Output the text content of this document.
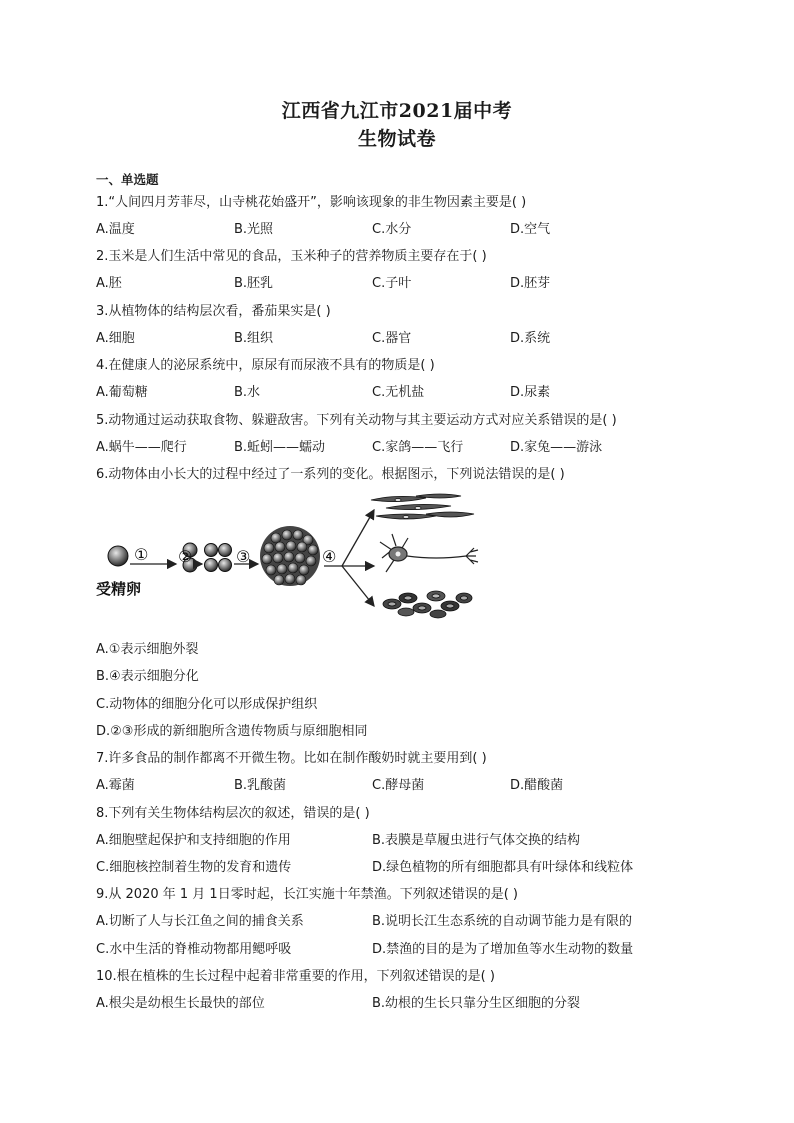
江西省九江市2021届中考
生物试卷
一、单选题
1.“人间四月芳菲尽，山寺桃花始盛开”，影响该现象的非生物因素主要是( )
A.温度	B.光照	C.水分	D.空气
2.玉米是人们生活中常见的食品，玉米种子的营养物质主要存在于( )
A.胚	B.胚乳	C.子叶	D.胚芽
3.从植物体的结构层次看，番茄果实是( )
A.细胞	B.组织	C.器官	D.系统
4.在健康人的泌尿系统中，原尿有而尿液不具有的物质是( )
A.葡萄糖	B.水	C.无机盐	D.尿素
5.动物通过运动获取食物、躲避敌害。下列有关动物与其主要运动方式对应关系错误的是( )
A.蜗牛——爬行	B.蚯蚓——蠕动	C.家鸽——飞行	D.家兔——游泳
6.动物体由小长大的过程中经过了一系列的变化。根据图示，下列说法错误的是( )
受精卵
① ②	③	④
A.①表示细胞外裂
B.④表示细胞分化
C.动物体的细胞分化可以形成保护组织
D.②③形成的新细胞所含遗传物质与原细胞相同
7.许多食品的制作都离不开微生物。比如在制作酸奶时就主要用到( )
A.霉菌	B.乳酸菌	C.酵母菌	D.醋酸菌
8.下列有关生物体结构层次的叙述，错误的是( )
A.细胞壁起保护和支持细胞的作用	B.表膜是草履虫进行气体交换的结构
C.细胞核控制着生物的发育和遗传	D.绿色植物的所有细胞都具有叶绿体和线粒体
9.从 2020 年 1 月 1日零时起，长江实施十年禁渔。下列叙述错误的是( )
A.切断了人与长江鱼之间的捕食关系	B.说明长江生态系统的自动调节能力是有限的
C.水中生活的脊椎动物都用鳃呼吸	D.禁渔的目的是为了增加鱼等水生动物的数量
10.根在植株的生长过程中起着非常重要的作用，下列叙述错误的是( )
A.根尖是幼根生长最快的部位	B.幼根的生长只靠分生区细胞的分裂
